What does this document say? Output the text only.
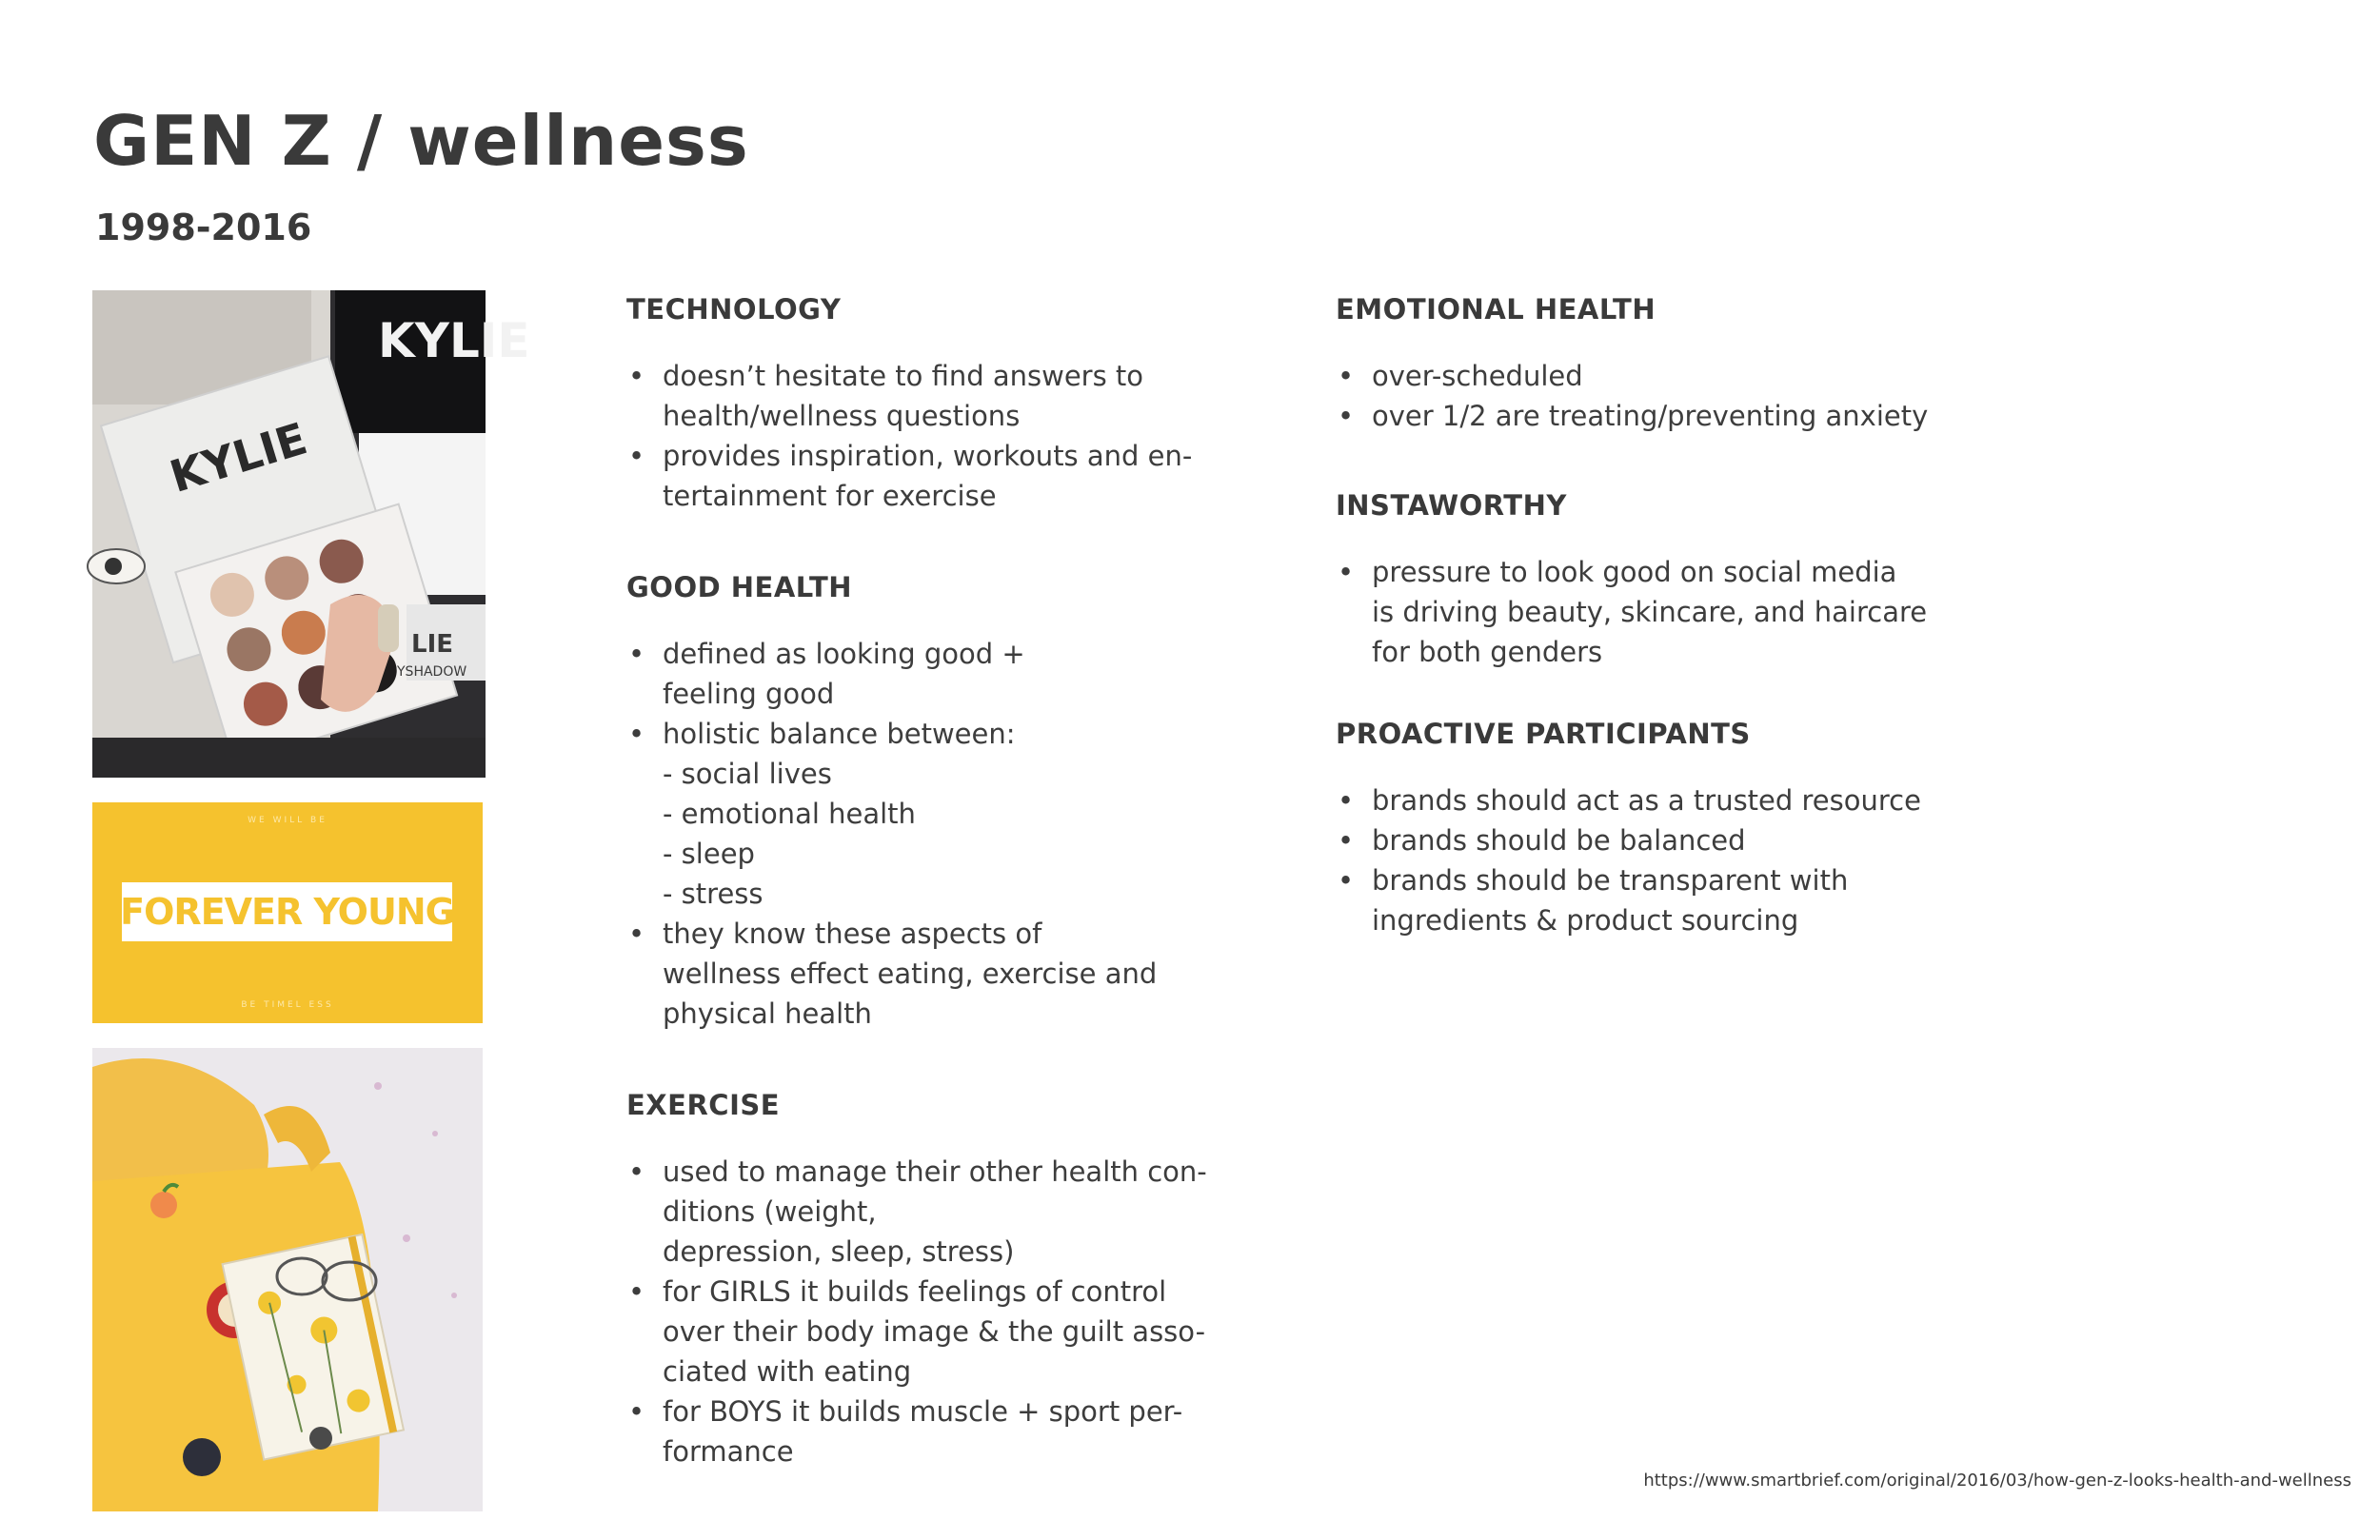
GEN Z / wellness
1998-2016
KYLIE
KYLIE
LIE
YSHADOW
WE WILL BE
FOREVER YOUNG
BE TIMEL ESS
TECHNOLOGY
• doesn’t hesitate to find answers to
health/wellness questions
• provides inspiration, workouts and en-
tertainment for exercise
GOOD HEALTH
• defined as looking good +
feeling good
• holistic balance between:
- social lives
- emotional health
- sleep
- stress
• they know these aspects of
wellness effect eating, exercise and
physical health
EXERCISE
• used to manage their other health con-
ditions (weight,
depression, sleep, stress)
• for GIRLS it builds feelings of control
over their body image & the guilt asso-
ciated with eating
• for BOYS it builds muscle + sport per-
formance
EMOTIONAL HEALTH
• over-scheduled
• over 1/2 are treating/preventing anxiety
INSTAWORTHY
• pressure to look good on social media
is driving beauty, skincare, and haircare
for both genders
PROACTIVE PARTICIPANTS
• brands should act as a trusted resource
• brands should be balanced
• brands should be transparent with
ingredients & product sourcing
https://www.smartbrief.com/original/2016/03/how-gen-z-looks-health-and-wellness
